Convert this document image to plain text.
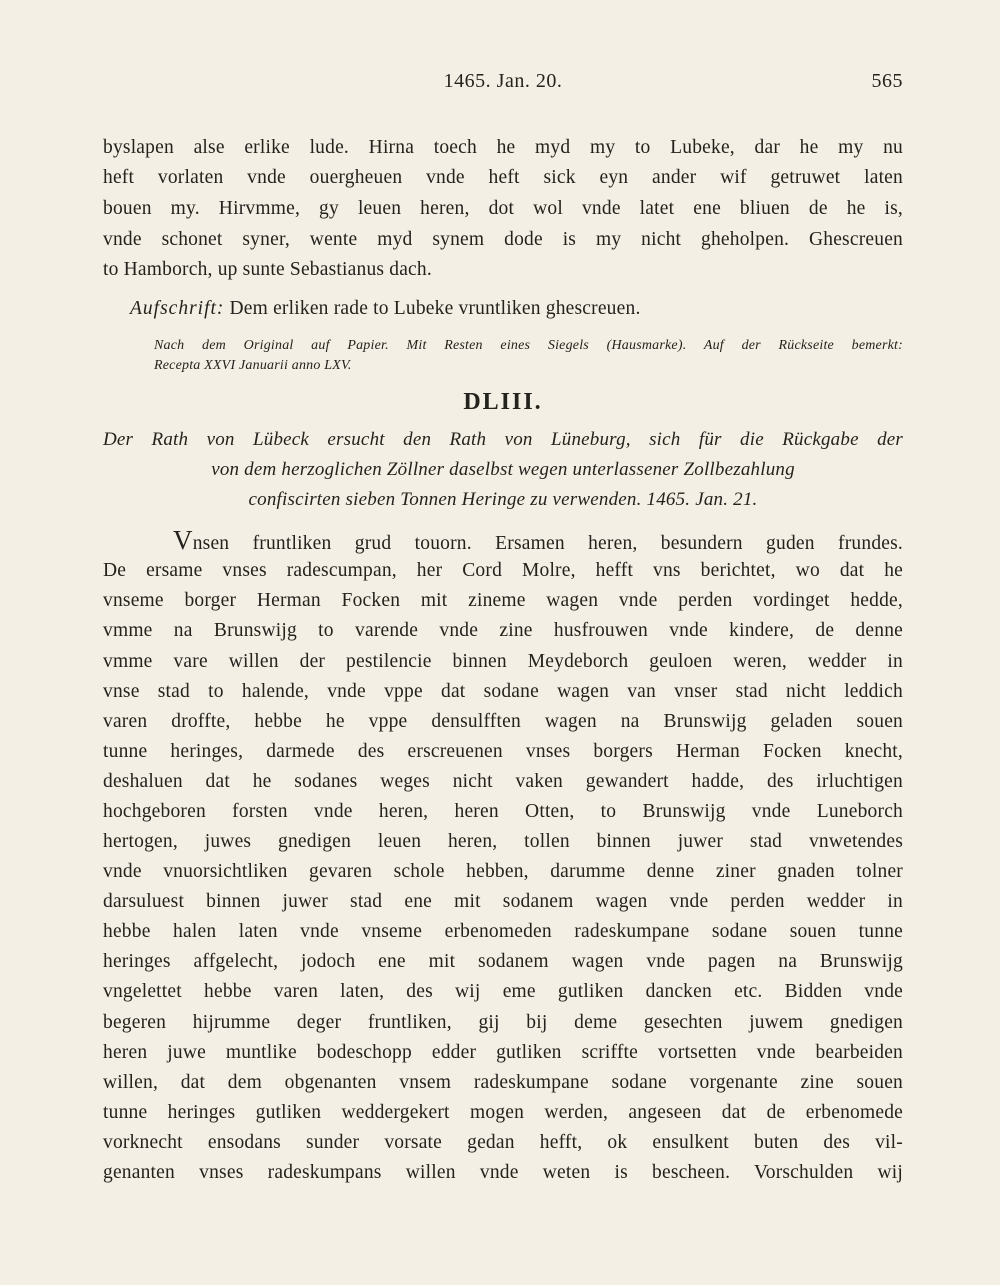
1465. Jan. 20.	565
byslapen alse erlike lude. Hirna toech he myd my to Lubeke, dar he my nu
heft vorlaten vnde ouergheuen vnde heft sick eyn ander wif getruwet laten
bouen my. Hirvmme, gy leuen heren, dot wol vnde latet ene bliuen de he is,
vnde schonet syner, wente myd synem dode is my nicht gheholpen. Ghescreuen
to Hamborch, up sunte Sebastianus dach.
Aufschrift: Dem erliken rade to Lubeke vruntliken ghescreuen.
Nach dem Original auf Papier. Mit Resten eines Siegels (Hausmarke). Auf der Rückseite bemerkt:
Recepta XXVI Januarii anno LXV.
DLIII.
Der Rath von Lübeck ersucht den Rath von Lüneburg, sich für die Rückgabe der
von dem herzoglichen Zöllner daselbst wegen unterlassener Zollbezahlung
confiscirten sieben Tonnen Heringe zu verwenden. 1465. Jan. 21.
Vnsen fruntliken grud touorn. Ersamen heren, besundern guden frundes.
De ersame vnses radescumpan, her Cord Molre, hefft vns berichtet, wo dat he
vnseme borger Herman Focken mit zineme wagen vnde perden vordinget hedde,
vmme na Brunswijg to varende vnde zine husfrouwen vnde kindere, de denne
vmme vare willen der pestilencie binnen Meydeborch geuloen weren, wedder in
vnse stad to halende, vnde vppe dat sodane wagen van vnser stad nicht leddich
varen droffte, hebbe he vppe densulfften wagen na Brunswijg geladen souen
tunne heringes, darmede des erscreuenen vnses borgers Herman Focken knecht,
deshaluen dat he sodanes weges nicht vaken gewandert hadde, des irluchtigen
hochgeboren forsten vnde heren, heren Otten, to Brunswijg vnde Luneborch
hertogen, juwes gnedigen leuen heren, tollen binnen juwer stad vnwetendes
vnde vnuorsichtliken gevaren schole hebben, darumme denne ziner gnaden tolner
darsuluest binnen juwer stad ene mit sodanem wagen vnde perden wedder in
hebbe halen laten vnde vnseme erbenomeden radeskumpane sodane souen tunne
heringes affgelecht, jodoch ene mit sodanem wagen vnde pagen na Brunswijg
vngelettet hebbe varen laten, des wij eme gutliken dancken etc. Bidden vnde
begeren hijrumme deger fruntliken, gij bij deme gesechten juwem gnedigen
heren juwe muntlike bodeschopp edder gutliken scriffte vortsetten vnde bearbeiden
willen, dat dem obgenanten vnsem radeskumpane sodane vorgenante zine souen
tunne heringes gutliken weddergekert mogen werden, angeseen dat de erbenomede
vorknecht ensodans sunder vorsate gedan hefft, ok ensulkent buten des vil-
genanten vnses radeskumpans willen vnde weten is bescheen. Vorschulden wij
